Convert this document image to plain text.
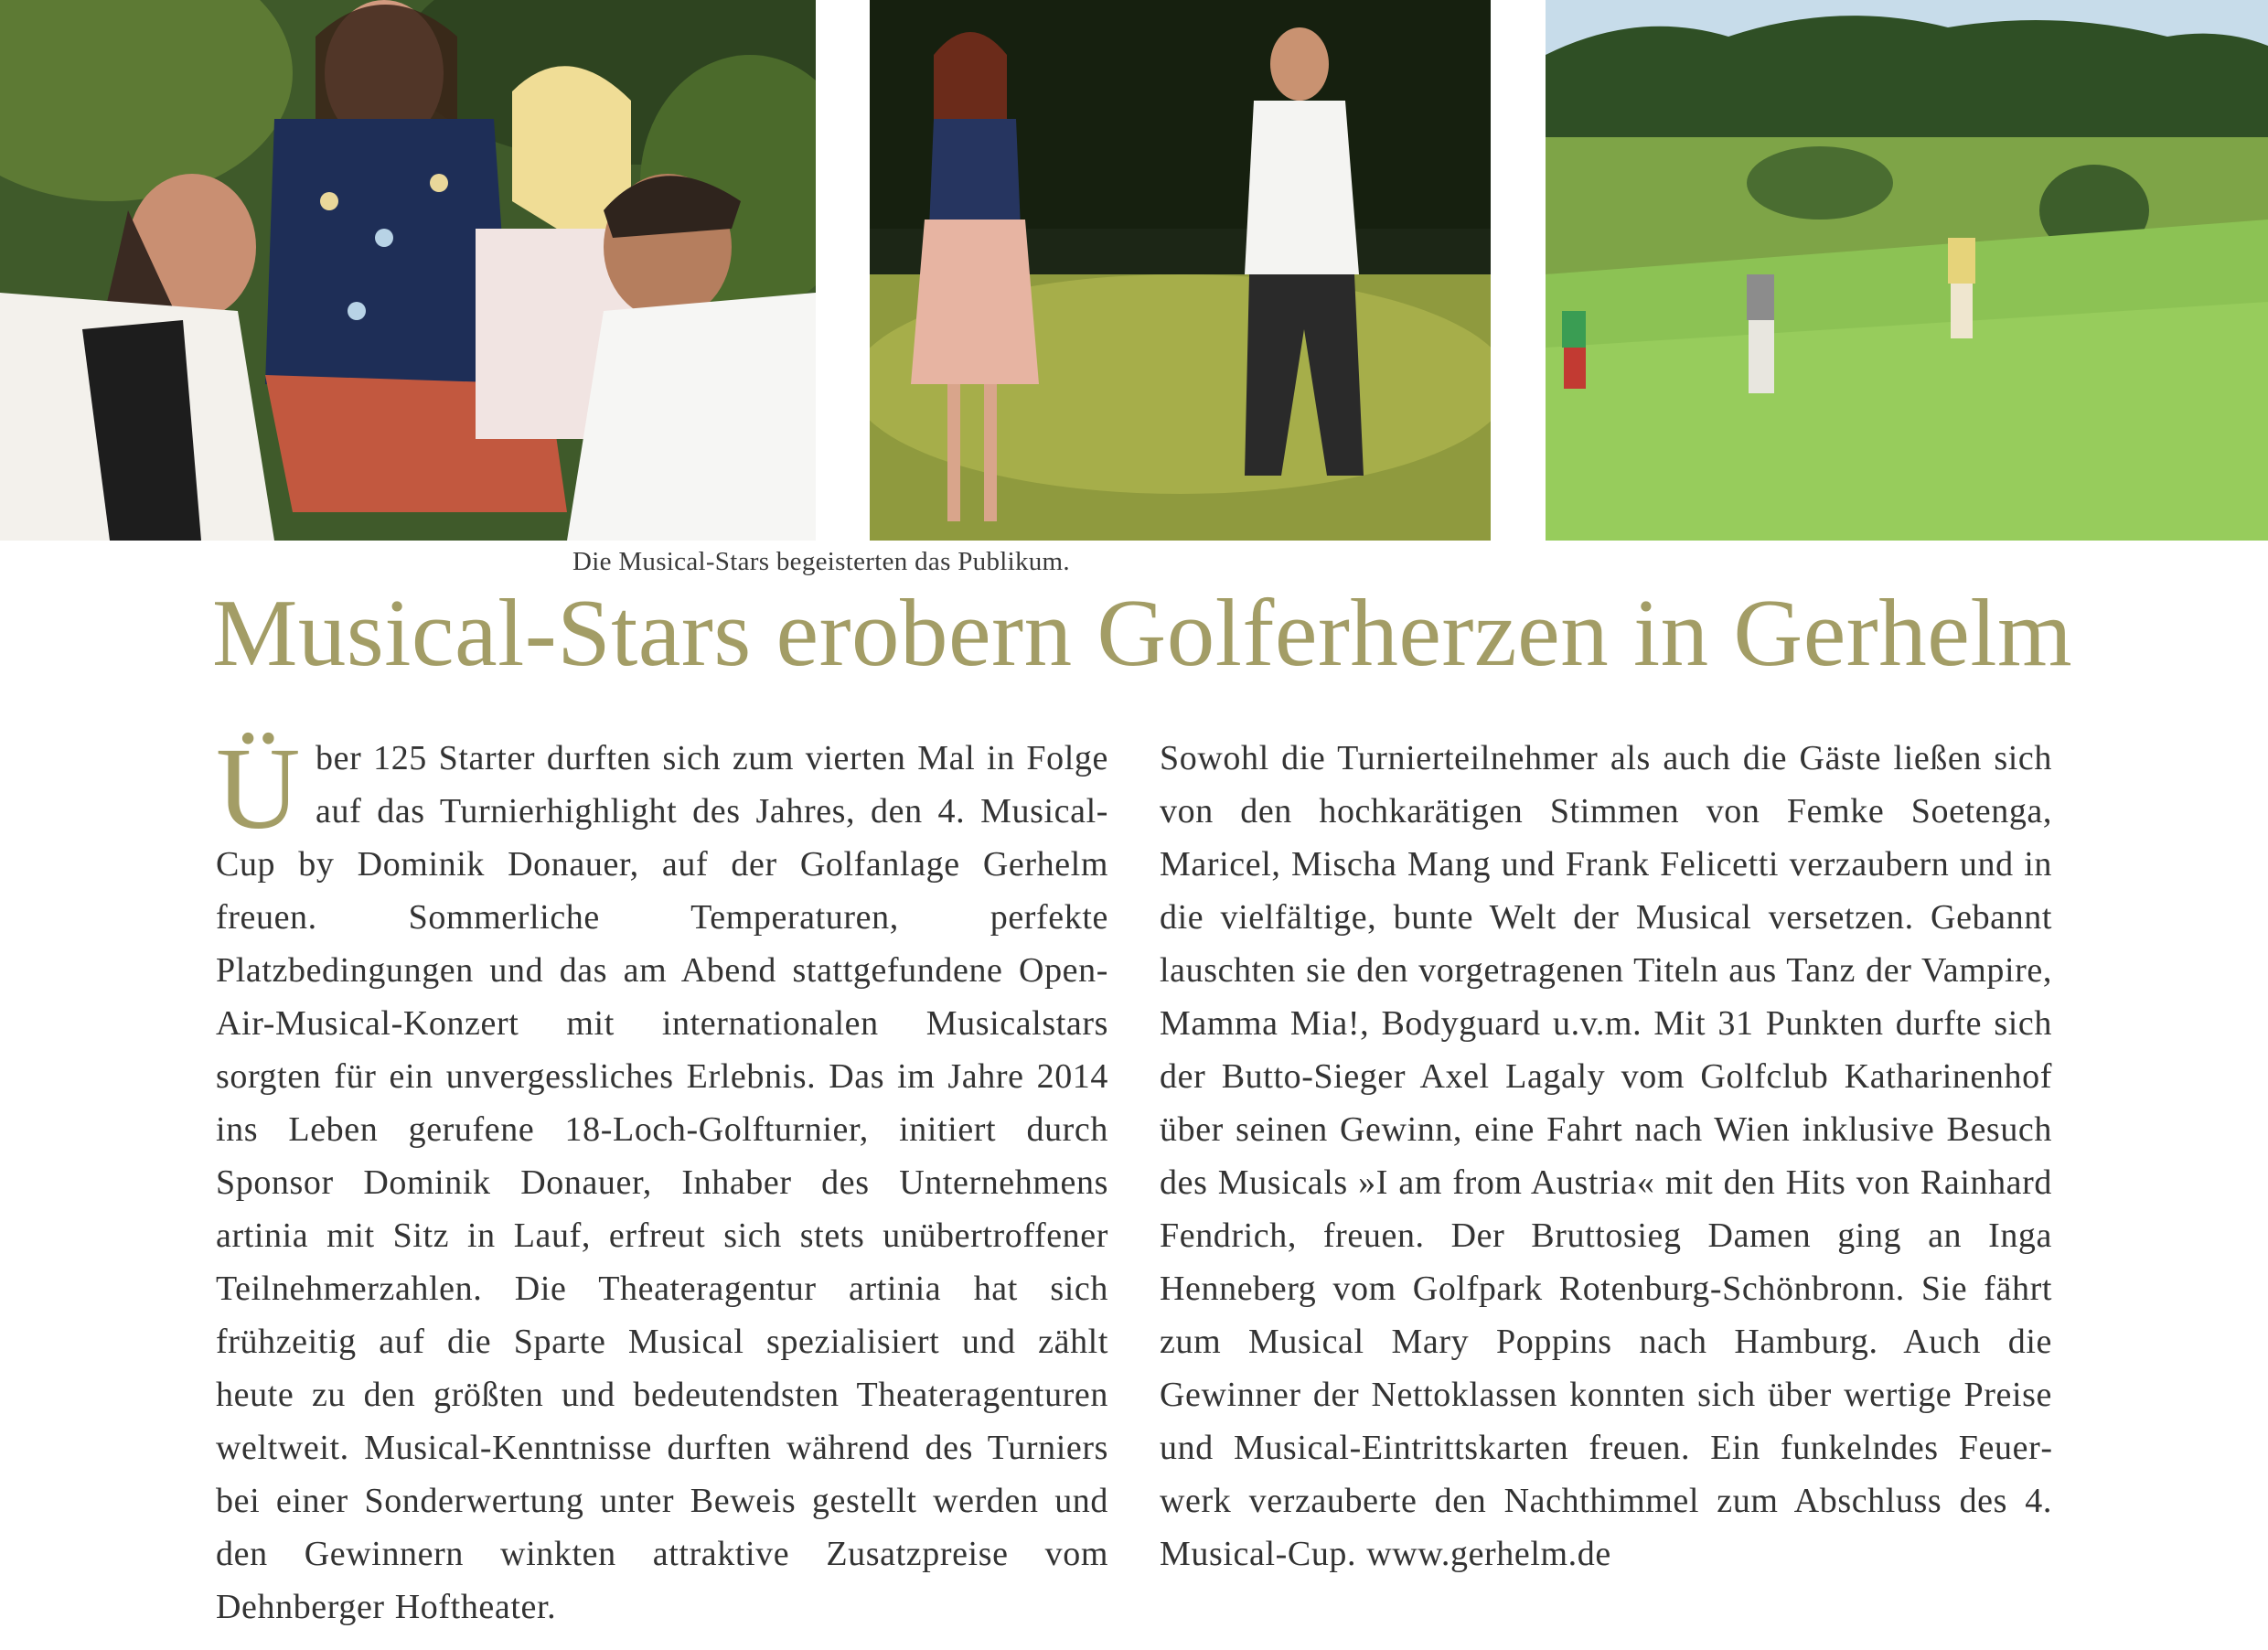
Die Musical-Stars begeisterten das Publikum.
Musical-Stars erobern Golferherzen in Gerhelm
Ü ber 125 Starter durften sich zum vierten Mal in Folge auf das Turnierhighlight des Jahres, den 4. Musical-Cup by Dominik Donauer, auf der Golfanlage Gerhelm freuen. Sommerliche Temperaturen, perfekte Platzbedingungen und das am Abend stattgefundene Open-Air-Musical-Konzert mit internationalen Musicalstars sorgten für ein unvergessliches Erlebnis. Das im Jahre 2014 ins Leben gerufene 18-Loch-Golfturnier, initiert durch Sponsor Dominik Donauer, Inhaber des Unternehmens artinia mit Sitz in Lauf, erfreut sich stets unübertroffener Teilnehmerzahlen. Die Theateragentur artinia hat sich frühzeitig auf die Sparte Musical spezialisiert und zählt heute zu den größten und bedeutendsten Theateragenturen weltweit. Musical-Kenntnisse durften während des Turniers bei einer Sonderwertung unter Beweis gestellt werden und den Gewinnern winkten attraktive Zusatzpreise vom Dehnberger Hoftheater.
Sowohl die Turnierteilnehmer als auch die Gäste ließen sich von den hochkarätigen Stimmen von Femke Soetenga, Maricel, Mischa Mang und Frank Felicetti verzaubern und in die vielfältige, bunte Welt der Musical versetzen. Gebannt lauschten sie den vorgetragenen Titeln aus Tanz der Vampire, Mamma Mia!, Bodyguard u.v.m. Mit 31 Punkten durfte sich der Butto-Sieger Axel Lagaly vom Golfclub Katharinenhof über seinen Gewinn, eine Fahrt nach Wien inklusive Besuch des Musicals »I am from Austria« mit den Hits von Rainhard Fendrich, freuen. Der Bruttosieg Damen ging an Inga Henneberg vom Golfpark Rotenburg-Schönbronn. Sie fährt zum Musical Mary Poppins nach Hamburg. Auch die Gewinner der Nettoklassen konnten sich über wertige Preise und Musical-Eintrittskarten freuen. Ein funkelndes Feuerwerk verzauberte den Nachthimmel zum Abschluss des 4. Musical-Cup. www.gerhelm.de
